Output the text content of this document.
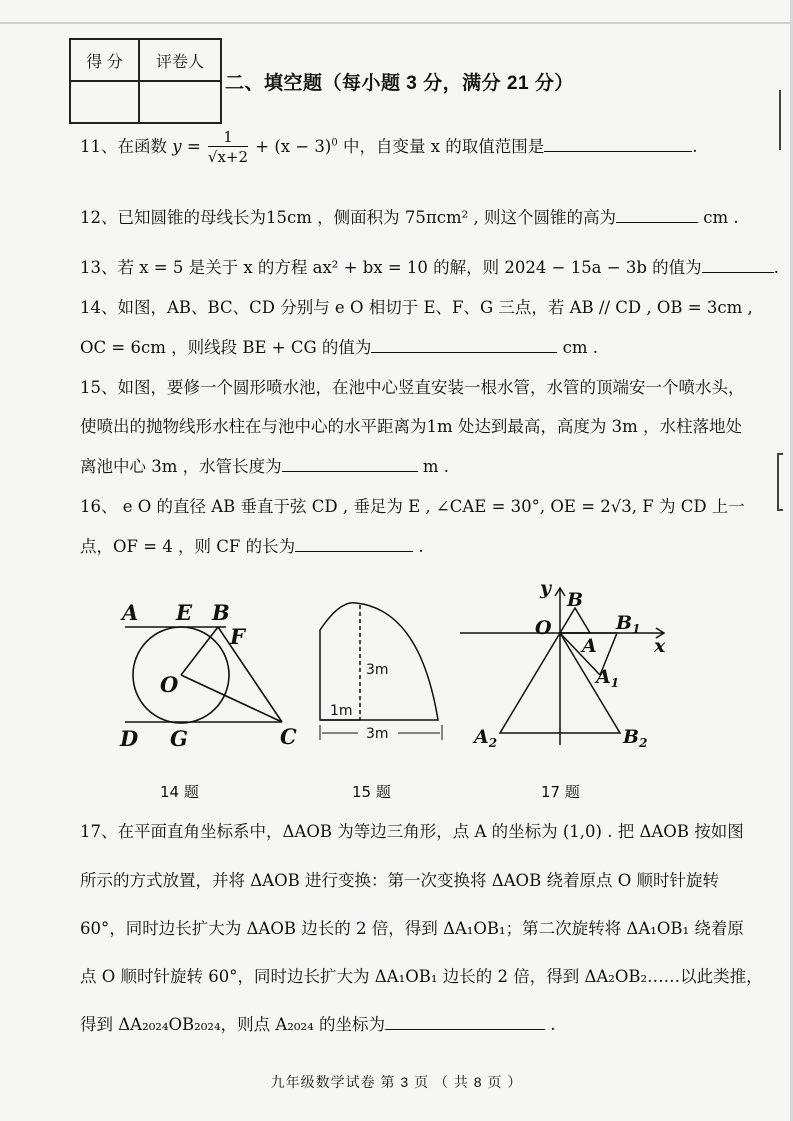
得 分	评卷人

二、填空题（每小题 3 分，满分 21 分）
11、在函数 $y = \frac{1}{√x+2} + (x - 3)^0$ 中，自变量 x 的取值范围是	.
12、已知圆锥的母线长为15cm ，侧面积为 75πcm² , 则这个圆锥的高为	cm .
13、若 x = 5 是关于 x 的方程 ax² + bx = 10 的解，则 2024 − 15a − 3b 的值为	.
14、如图，AB、BC、CD 分别与 e O 相切于 E、F、G 三点，若 AB // CD , OB = 3cm ,
OC = 6cm ，则线段 BE + CG 的值为	cm .
15、如图，要修一个圆形喷水池，在池中心竖直安装一根水管，水管的顶端安一个喷水头，
使喷出的抛物线形水柱在与池中心的水平距离为1m 处达到最高，高度为 3m ，水柱落地处
离池中心 3m ，水管长度为	m .
16、 e O 的直径 AB 垂直于弦 CD , 垂足为 E , ∠CAE = 30°, OE = 2√3, F 为 CD 上一
点，OF = 4 ，则 CF 的长为	.
A E B
F
O
D G	C
3m
1m
3m
y
B
O	$B_1$
x
A
$A_1$
$A_2$	$B_2$
14 题	15 题	17 题
17、在平面直角坐标系中，ΔAOB 为等边三角形，点 A 的坐标为 (1,0) . 把 ΔAOB 按如图
所示的方式放置，并将 ΔAOB 进行变换：第一次变换将 ΔAOB 绕着原点 O 顺时针旋转
60°，同时边长扩大为 ΔAOB 边长的 2 倍，得到 ΔA₁OB₁；第二次旋转将 ΔA₁OB₁ 绕着原
点 O 顺时针旋转 60°，同时边长扩大为 ΔA₁OB₁ 边长的 2 倍，得到 ΔA₂OB₂……以此类推，
得到 ΔA₂₀₂₄OB₂₀₂₄，则点 A₂₀₂₄ 的坐标为	.
九年级数学试卷 第 3 页 （ 共 8 页 ）
